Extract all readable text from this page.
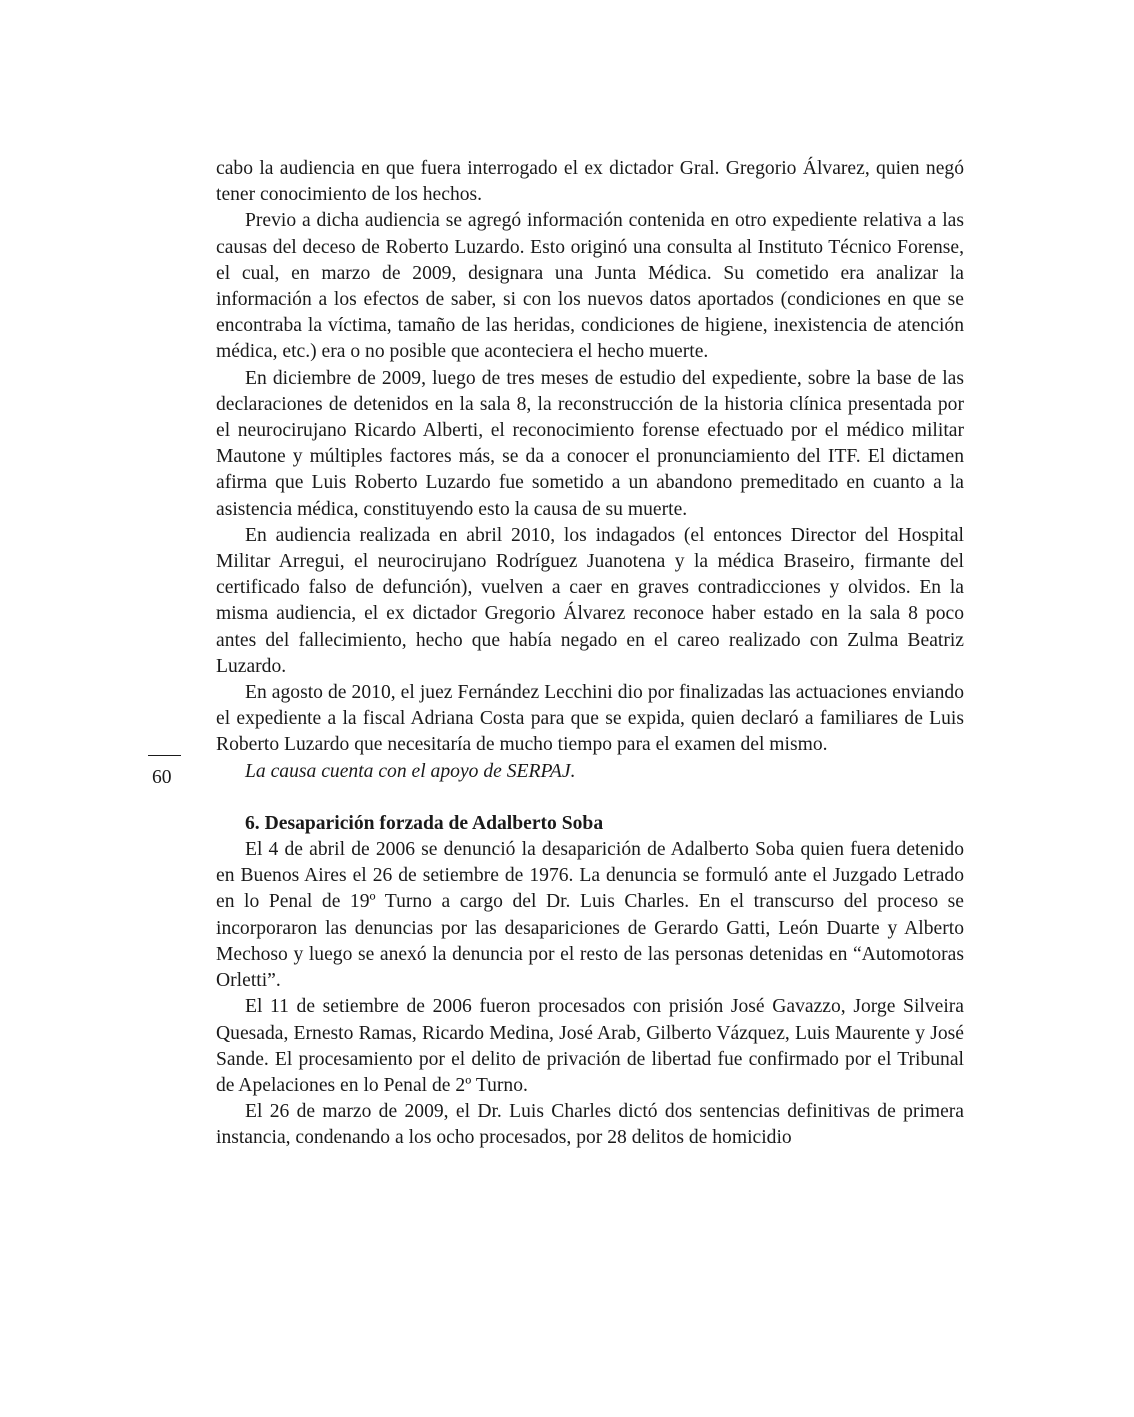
60

cabo la audiencia en que fuera interrogado el ex dictador Gral. Gregorio Álvarez, quien negó tener conocimiento de los hechos.

Previo a dicha audiencia se agregó información contenida en otro expediente relativa a las causas del deceso de Roberto Luzardo. Esto originó una consulta al Instituto Técnico Forense, el cual, en marzo de 2009, designara una Junta Médica. Su cometido era analizar la información a los efectos de saber, si con los nuevos datos aportados (condiciones en que se encontraba la víctima, tamaño de las heridas, condiciones de higiene, inexistencia de atención médica, etc.) era o no posible que aconteciera el hecho muerte.

En diciembre de 2009, luego de tres meses de estudio del expediente, sobre la base de las declaraciones de detenidos en la sala 8, la reconstrucción de la historia clínica presentada por el neurocirujano Ricardo Alberti, el reconocimiento forense efectuado por el médico militar Mautone y múltiples factores más, se da a conocer el pronunciamiento del ITF. El dictamen afirma que Luis Roberto Luzardo fue sometido a un abandono premeditado en cuanto a la asistencia médica, constituyendo esto la causa de su muerte.

En audiencia realizada en abril 2010, los indagados (el entonces Director del Hospital Militar Arregui, el neurocirujano Rodríguez Juanotena y la médica Braseiro, firmante del certificado falso de defunción), vuelven a caer en graves contradicciones y olvidos. En la misma audiencia, el ex dictador Gregorio Álvarez reconoce haber estado en la sala 8 poco antes del fallecimiento, hecho que había negado en el careo realizado con Zulma Beatriz Luzardo.

En agosto de 2010, el juez Fernández Lecchini dio por finalizadas las actuaciones enviando el expediente a la fiscal Adriana Costa para que se expida, quien declaró a familiares de Luis Roberto Luzardo que necesitaría de mucho tiempo para el examen del mismo.

La causa cuenta con el apoyo de SERPAJ.

6. Desaparición forzada de Adalberto Soba

El 4 de abril de 2006 se denunció la desaparición de Adalberto Soba quien fuera detenido en Buenos Aires el 26 de setiembre de 1976. La denuncia se formuló ante el Juzgado Letrado en lo Penal de 19º Turno a cargo del Dr. Luis Charles. En el transcurso del proceso se incorporaron las denuncias por las desapariciones de Gerardo Gatti, León Duarte y Alberto Mechoso y luego se anexó la denuncia por el resto de las personas detenidas en “Automotoras Orletti”.

El 11 de setiembre de 2006 fueron procesados con prisión José Gavazzo, Jorge Silveira Quesada, Ernesto Ramas, Ricardo Medina, José Arab, Gilberto Vázquez, Luis Maurente y José Sande. El procesamiento por el delito de privación de libertad fue confirmado por el Tribunal de Apelaciones en lo Penal de 2º Turno.

El 26 de marzo de 2009, el Dr. Luis Charles dictó dos sentencias definitivas de primera instancia, condenando a los ocho procesados, por 28 delitos de homicidio
